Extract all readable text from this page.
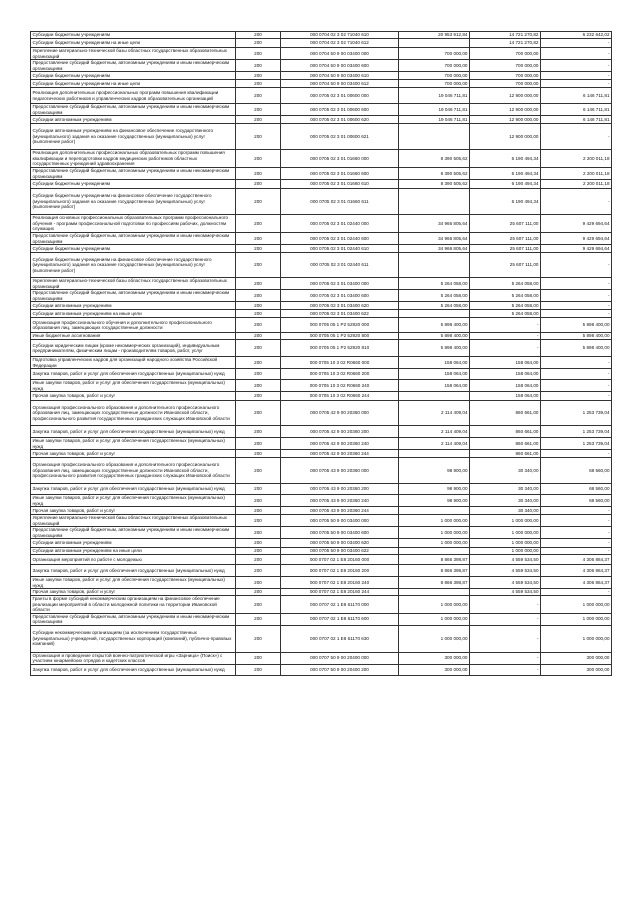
Субсидии бюджетным учреждениям	200	000 0704 02 3 02 71040 610	20 953 912,84	14 721 270,82	6 232 642,02
Субсидии бюджетным учреждениям на иные цели	200	000 0704 02 3 02 71040 612		14 721 270,82	-
Укрепление материально-технической базы областных государственных образовательных организаций	200	000 0704 50 9 00 03400 000	700 000,00	700 000,00	-
Предоставление субсидий бюджетным, автономным учреждениям и иным некоммерческим организациям	200	000 0704 50 9 00 03400 600	700 000,00	700 000,00	-
Субсидии бюджетным учреждениям	200	000 0704 50 9 00 03400 610	700 000,00	700 000,00	-
Субсидии бюджетным учреждениям на иные цели	200	000 0704 50 9 00 03400 612	700 000,00	700 000,00	-
Реализация дополнительных профессиональных программ повышения квалификации педагогических работников и управленческих кадров образовательных организаций	200	000 0705 02 3 01 00600 000	19 046 711,81	12 900 000,00	6 146 711,81
Предоставление субсидий бюджетным, автономным учреждениям и иным некоммерческим организациям	200	000 0705 02 3 01 00600 600	19 046 711,81	12 900 000,00	6 146 711,81
Субсидии автономным учреждениям	200	000 0705 02 3 01 00600 620	19 046 711,81	12 900 000,00	6 146 711,81
Субсидии автономным учреждениям на финансовое обеспечение государственного (муниципального) задания на оказание государственных (муниципальных) услуг (выполнение работ)	200	000 0705 02 3 01 00600 621		12 900 000,00	-
Реализация дополнительных профессиональных образовательных программ повышения квалификации и переподготовки кадров медицинских работников областных государственных учреждений здравоохранения	200	000 0705 02 3 01 01660 000	8 390 505,62	6 190 494,34	2 200 011,18
Предоставление субсидий бюджетным, автономным учреждениям и иным некоммерческим организациям	200	000 0705 02 3 01 01660 600	8 390 505,62	6 190 494,34	2 200 011,18
Субсидии бюджетным учреждениям	200	000 0705 02 3 01 01660 610	8 390 505,62	6 190 494,34	2 200 011,18
Субсидии бюджетным учреждениям на финансовое обеспечение государственного (муниципального) задания на оказание государственных (муниципальных) услуг (выполнение работ)	200	000 0705 02 3 01 01660 611		6 190 494,34	-
Реализация основных профессиональных образовательных программ профессионального обучения - программ профессиональной подготовки по профессиям рабочих, должностям служащих	200	000 0705 02 3 01 02440 000	34 966 805,64	25 607 111,00	9 429 694,64
Предоставление субсидий бюджетным, автономным учреждениям и иным некоммерческим организациям	200	000 0705 02 3 01 02440 600	34 966 805,64	25 607 111,00	9 429 694,64
Субсидии бюджетным учреждениям	200	000 0705 02 3 01 02440 610	34 966 805,64	25 607 111,00	9 429 694,64
Субсидии бюджетным учреждениям на финансовое обеспечение государственного (муниципального) задания на оказание государственных (муниципальных) услуг (выполнение работ)	200	000 0705 02 3 01 02440 611		25 607 111,00	-
Укрепление материально-технической базы областных государственных образовательных организаций	200	000 0705 02 3 01 03400 000	5 264 058,00	5 264 058,00	-
Предоставление субсидий бюджетным, автономным учреждениям и иным некоммерческим организациям	200	000 0705 02 3 01 03400 600	5 264 058,00	5 264 058,00	-
Субсидии автономным учреждениям	200	000 0705 02 3 01 03400 620	5 264 058,00	5 264 058,00	-
Субсидии автономным учреждениям на иные цели	200	000 0705 02 3 01 03400 622		5 264 058,00	-
Организация профессионального обучения и дополнительного профессионального образования лиц, замещающих государственные должности	200	000 0705 05 1 P2 52920 000	5 898 400,00	-	5 898 400,00
Иные бюджетные ассигнования	200	000 0705 05 1 P2 52920 800	5 898 400,00	-	5 898 400,00
Субсидии юридическим лицам (кроме некоммерческих организаций), индивидуальным предпринимателям, физическим лицам - производителям товаров, работ, услуг	200	000 0705 05 1 P2 52920 810	5 898 400,00	-	5 898 400,00
Подготовка управленческих кадров для организаций народного хозяйства Российской Федерации	200	000 0705 10 3 02 R0660 000	158 064,00	158 064,00	-
Закупка товаров, работ и услуг для обеспечения государственных (муниципальных) нужд	200	000 0705 10 3 02 R0660 200	158 064,00	158 064,00	-
Иные закупки товаров, работ и услуг для обеспечения государственных (муниципальных) нужд	200	000 0705 10 3 02 R0660 240	158 064,00	158 064,00	-
Прочая закупка товаров, работ и услуг	200	000 0705 10 3 02 R0660 244		158 064,00	-
Организация профессионального образования и дополнительного профессионального образования лиц, замещающих государственные должности Ивановской области, профессионального развития государственных гражданских служащих Ивановской области	200	000 0705 42 9 00 20360 000	2 114 409,04	860 661,00	1 253 739,04
Закупка товаров, работ и услуг для обеспечения государственных (муниципальных) нужд	200	000 0705 42 9 00 20360 200	2 114 409,04	860 661,00	1 253 739,04
Иные закупки товаров, работ и услуг для обеспечения государственных (муниципальных) нужд	200	000 0705 42 9 00 20360 240	2 114 409,04	860 661,00	1 253 739,04
Прочая закупка товаров, работ и услуг	200	000 0705 42 9 00 20360 244		860 661,00	-
Организация профессионального образования и дополнительного профессионального образования лиц, замещающих государственные должности Ивановской области, профессионального развития государственных гражданских служащих Ивановской области	200	000 0705 43 9 00 20360 000	98 900,00	30 340,00	68 560,00
Закупка товаров, работ и услуг для обеспечения государственных (муниципальных) нужд	200	000 0705 43 9 00 20360 200	98 900,00	30 340,00	68 560,00
Иные закупки товаров, работ и услуг для обеспечения государственных (муниципальных) нужд	200	000 0705 43 9 00 20360 240	98 900,00	30 340,00	68 560,00
Прочая закупка товаров, работ и услуг	200	000 0705 43 9 00 20360 244		30 340,00	-
Укрепление материально-технической базы областных государственных образовательных организаций	200	000 0705 50 9 00 03400 000	1 000 000,00	1 000 000,00	-
Предоставление субсидий бюджетным, автономным учреждениям и иным некоммерческим организациям	200	000 0705 50 9 00 03400 600	1 000 000,00	1 000 000,00	-
Субсидии автономным учреждениям	200	000 0705 50 9 00 03400 620	1 000 000,00	1 000 000,00	-
Субсидии автономным учреждениям на иные цели	200	000 0705 50 9 00 03400 622		1 000 000,00	-
Организация мероприятий по работе с молодежью	200	000 0707 02 1 E8 20160 000	8 866 398,87	4 559 534,50	4 306 864,37
Закупка товаров, работ и услуг для обеспечения государственных (муниципальных) нужд	200	000 0707 02 1 E8 20160 200	8 866 398,87	4 559 534,50	4 306 864,37
Иные закупки товаров, работ и услуг для обеспечения государственных (муниципальных) нужд	200	000 0707 02 1 E8 20160 240	8 866 398,87	4 559 534,50	4 306 864,37
Прочая закупка товаров, работ и услуг	200	000 0707 02 1 E8 20160 244		4 559 534,50	-
Гранты в форме субсидий некоммерческим организациям на финансовое обеспечение реализации мероприятий в области молодежной политики на территории Ивановской области	200	000 0707 02 1 E8 61170 000	1 000 000,00	-	1 000 000,00
Предоставление субсидий бюджетным, автономным учреждениям и иным некоммерческим организациям	200	000 0707 02 1 E8 61170 600	1 000 000,00	-	1 000 000,00
Субсидии некоммерческим организациям (за исключением государственных (муниципальных) учреждений, государственных корпораций (компаний), публично-правовых компаний)	200	000 0707 02 1 E8 61170 630	1 000 000,00	-	1 000 000,00
Организация и проведение открытой военно-патриотической игры «Зарница» (Поиск») с участием юнармейских отрядов и кадетских классов	200	000 0707 50 9 00 20400 000	300 000,00	-	300 000,00
Закупка товаров, работ и услуг для обеспечения государственных (муниципальных) нужд	200	000 0707 50 9 00 20400 200	300 000,00	-	300 000,00
